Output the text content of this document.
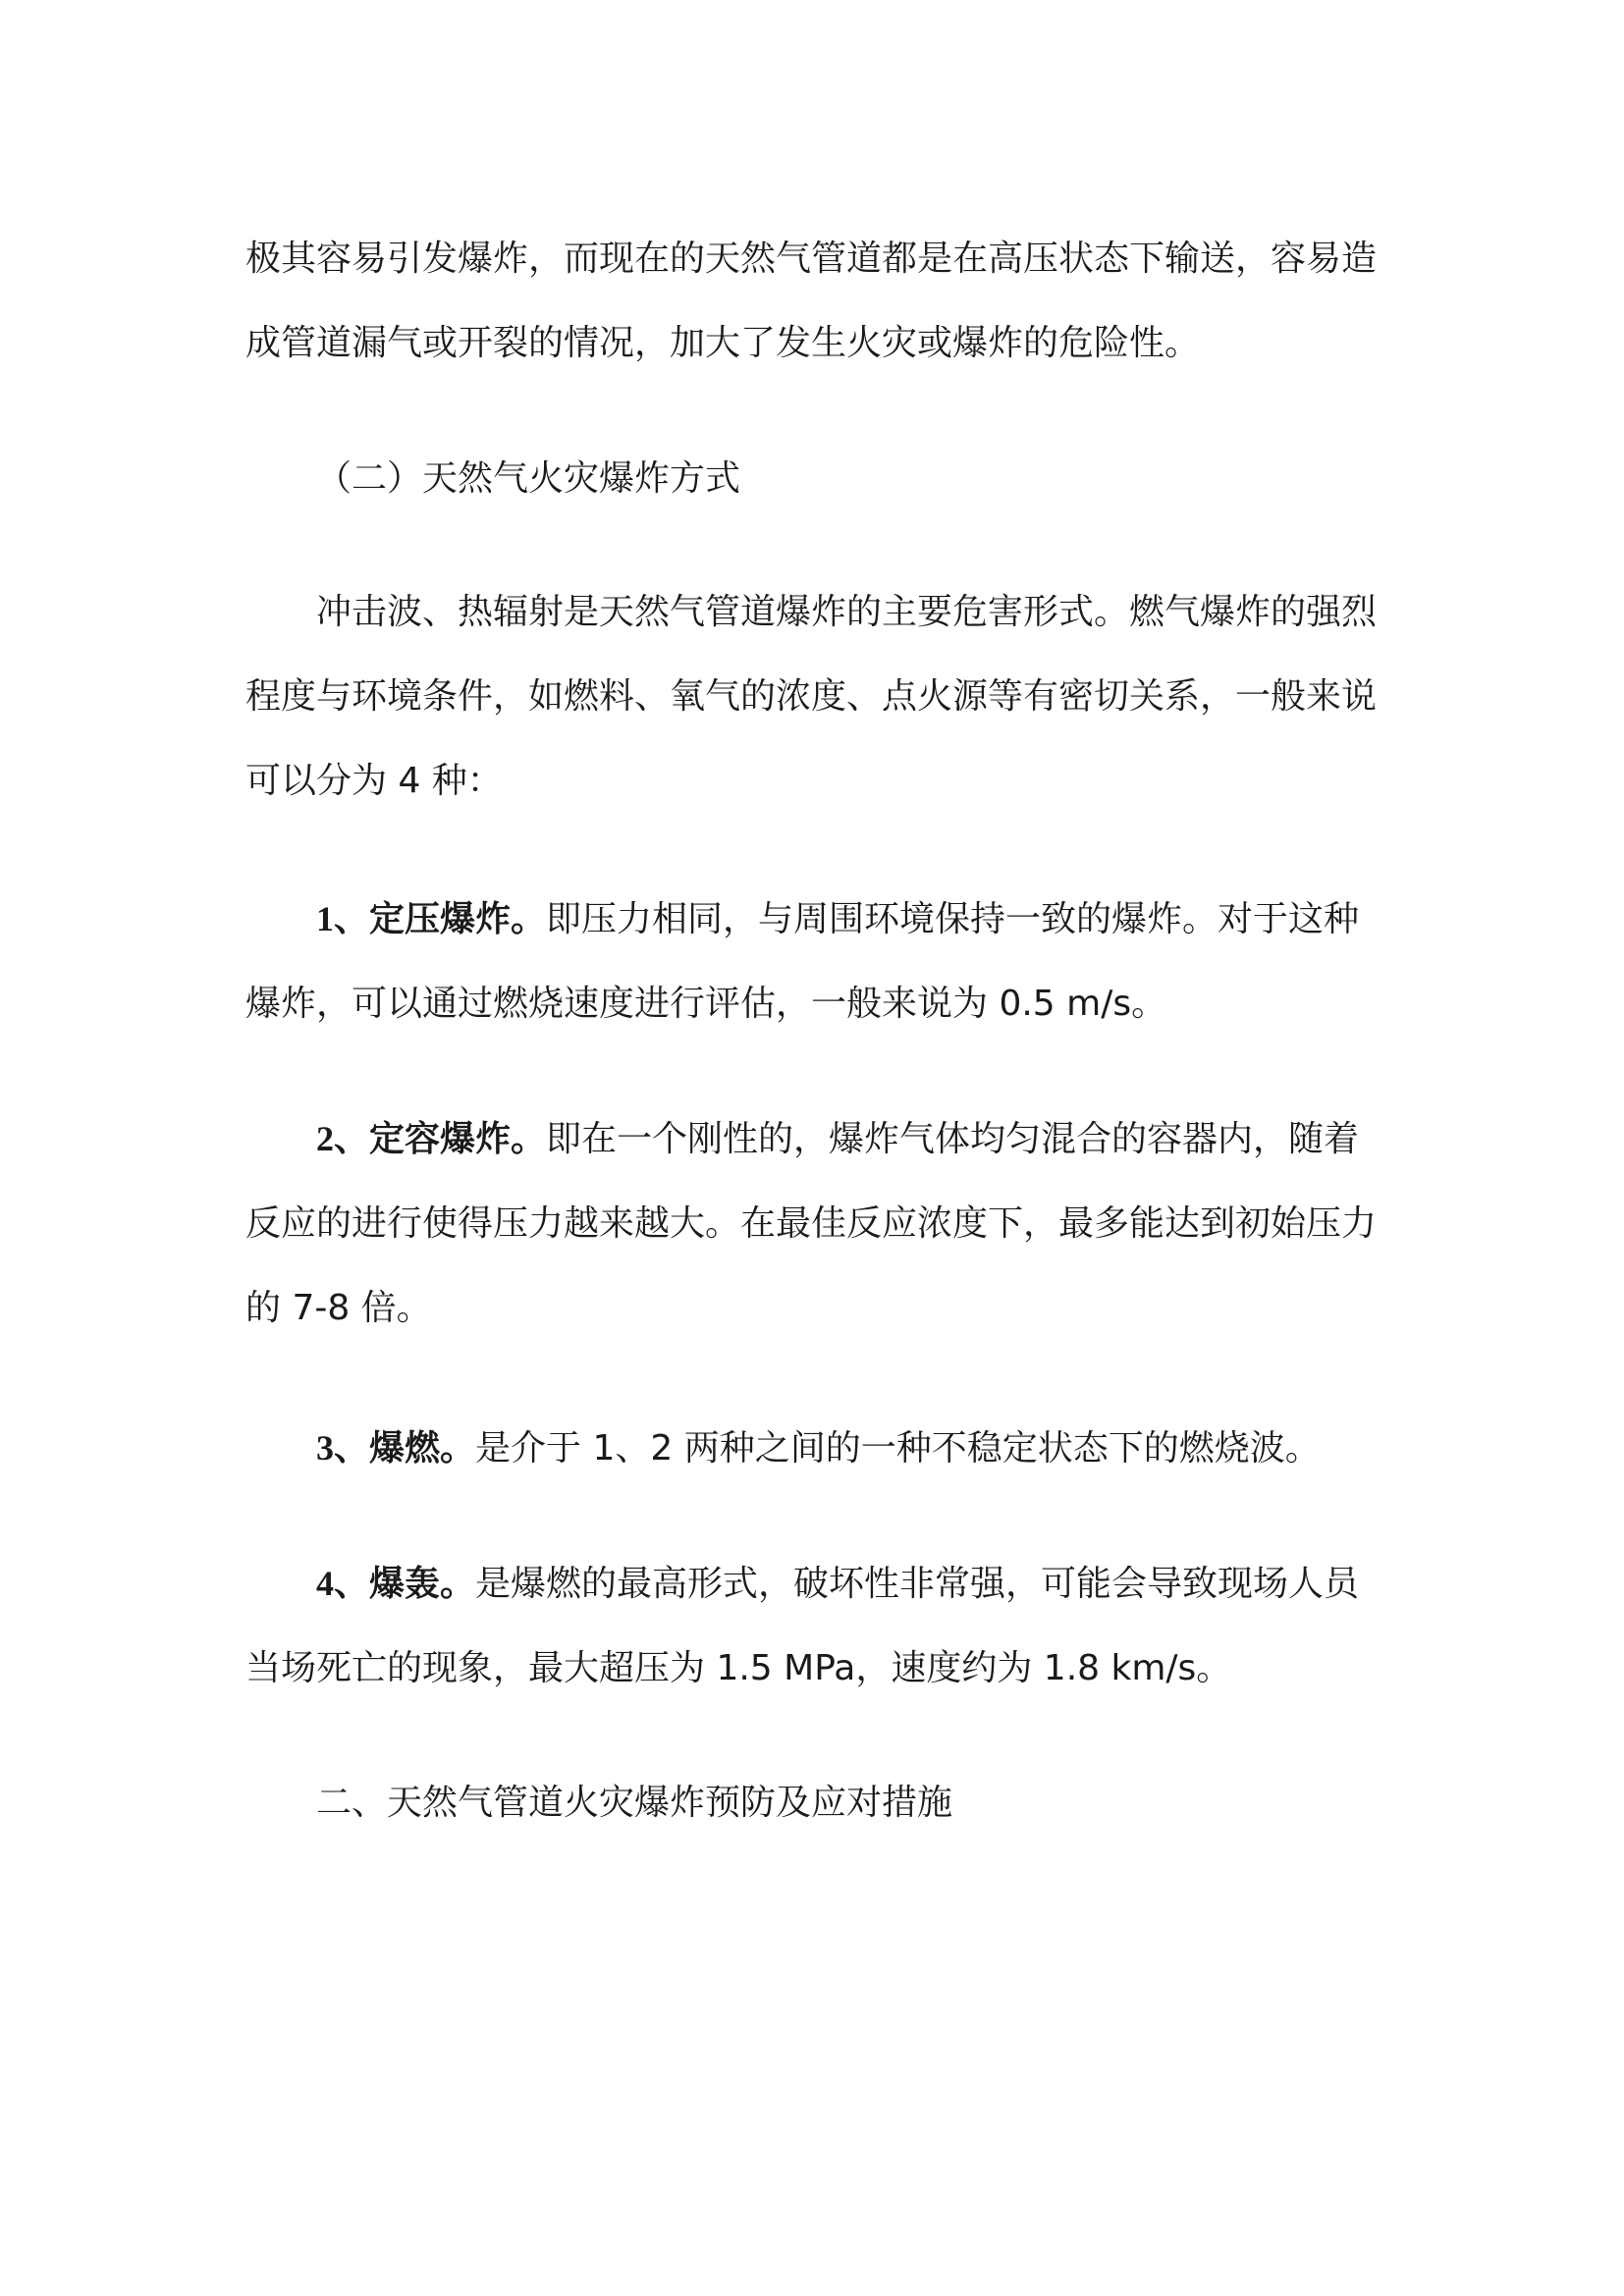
极其容易引发爆炸，而现在的天然气管道都是在高压状态下输送，容易造成管道漏气或开裂的情况，加大了发生火灾或爆炸的危险性。

（二）天然气火灾爆炸方式

冲击波、热辐射是天然气管道爆炸的主要危害形式。燃气爆炸的强烈程度与环境条件，如燃料、氧气的浓度、点火源等有密切关系，一般来说可以分为 4 种：

1、定压爆炸。即压力相同，与周围环境保持一致的爆炸。对于这种爆炸，可以通过燃烧速度进行评估，一般来说为 0.5 m/s。

2、定容爆炸。即在一个刚性的，爆炸气体均匀混合的容器内，随着反应的进行使得压力越来越大。在最佳反应浓度下，最多能达到初始压力的 7-8 倍。

3、爆燃。是介于 1、2 两种之间的一种不稳定状态下的燃烧波。

4、爆轰。是爆燃的最高形式，破坏性非常强，可能会导致现场人员当场死亡的现象，最大超压为 1.5 MPa，速度约为 1.8 km/s。

二、天然气管道火灾爆炸预防及应对措施
